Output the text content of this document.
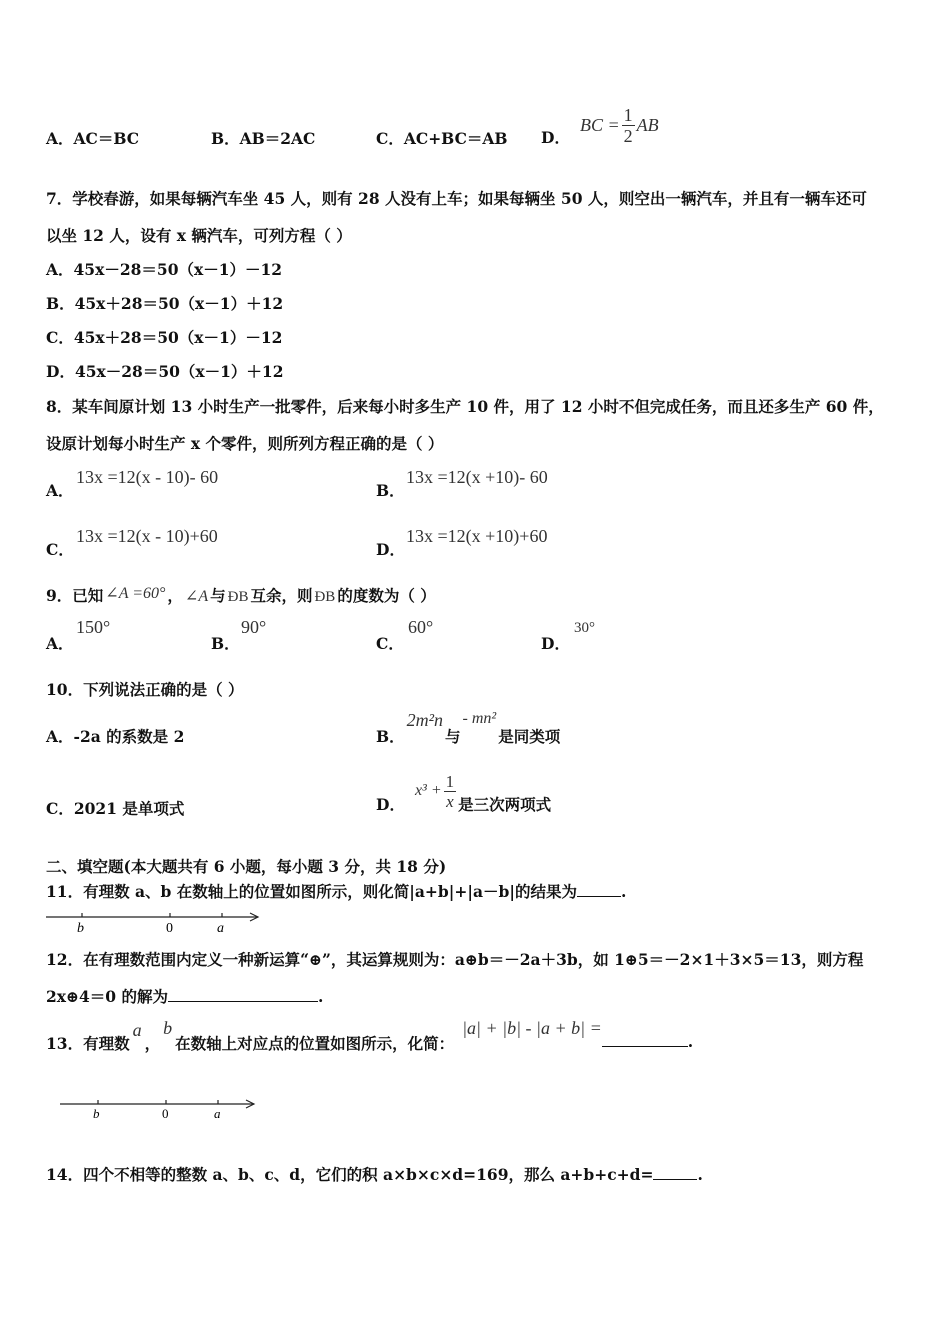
A．AC＝BC	B．AB＝2AC	C．AC+BC＝AB D．
BC = $\frac{1}{2}$ AB
7．学校春游，如果每辆汽车坐 45 人，则有 28 人没有上车；如果每辆坐 50 人，则空出一辆汽车，并且有一辆车还可
以坐 12 人，设有 x 辆汽车，可列方程（ ）
A．45x－28＝50（x－1）－12
B．45x＋28＝50（x－1）＋12
C．45x＋28＝50（x－1）－12
D．45x－28＝50（x－1）＋12
8．某车间原计划 13 小时生产一批零件，后来每小时多生产 10 件，用了 12 小时不但完成任务，而且还多生产 60 件，
设原计划每小时生产 x 个零件，则所列方程正确的是（ ）
A．
13x =12(x - 10)- 60
B．
13x =12(x +10)- 60
C．
13x =12(x - 10)+60
D．
13x =12(x +10)+60
9．已知 ∠A =60° ， ∠A 与 ÐB 互余，则 ÐB 的度数为（ ）
A．
150°
B．
90°
C．
60°
D．
30°
10．下列说法正确的是（ ）
A．-2a 的系数是 2	B．
2m²n
与
- mn²
是同类项
C．2021 是单项式	D．
$x^3 + \frac{1}{x}$ 是三次两项式
二、填空题(本大题共有 6 小题，每小题 3 分，共 18 分)
11．有理数 a、b 在数轴上的位置如图所示，则化简|a+b|+|a－b|的结果为	.
b	0	a
12．在有理数范围内定义一种新运算“⊕”，其运算规则为：a⊕b＝－2a＋3b，如 1⊕5＝－2×1＋3×5＝13，则方程
2x⊕4＝0 的解为	.
13．有理数
a
，
b
在数轴上对应点的位置如图所示，化简：
|a| + |b| - |a + b| =
.
b	0	a
14．四个不相等的整数 a、b、c、d，它们的积 a×b×c×d=169，那么 a+b+c+d=	.
